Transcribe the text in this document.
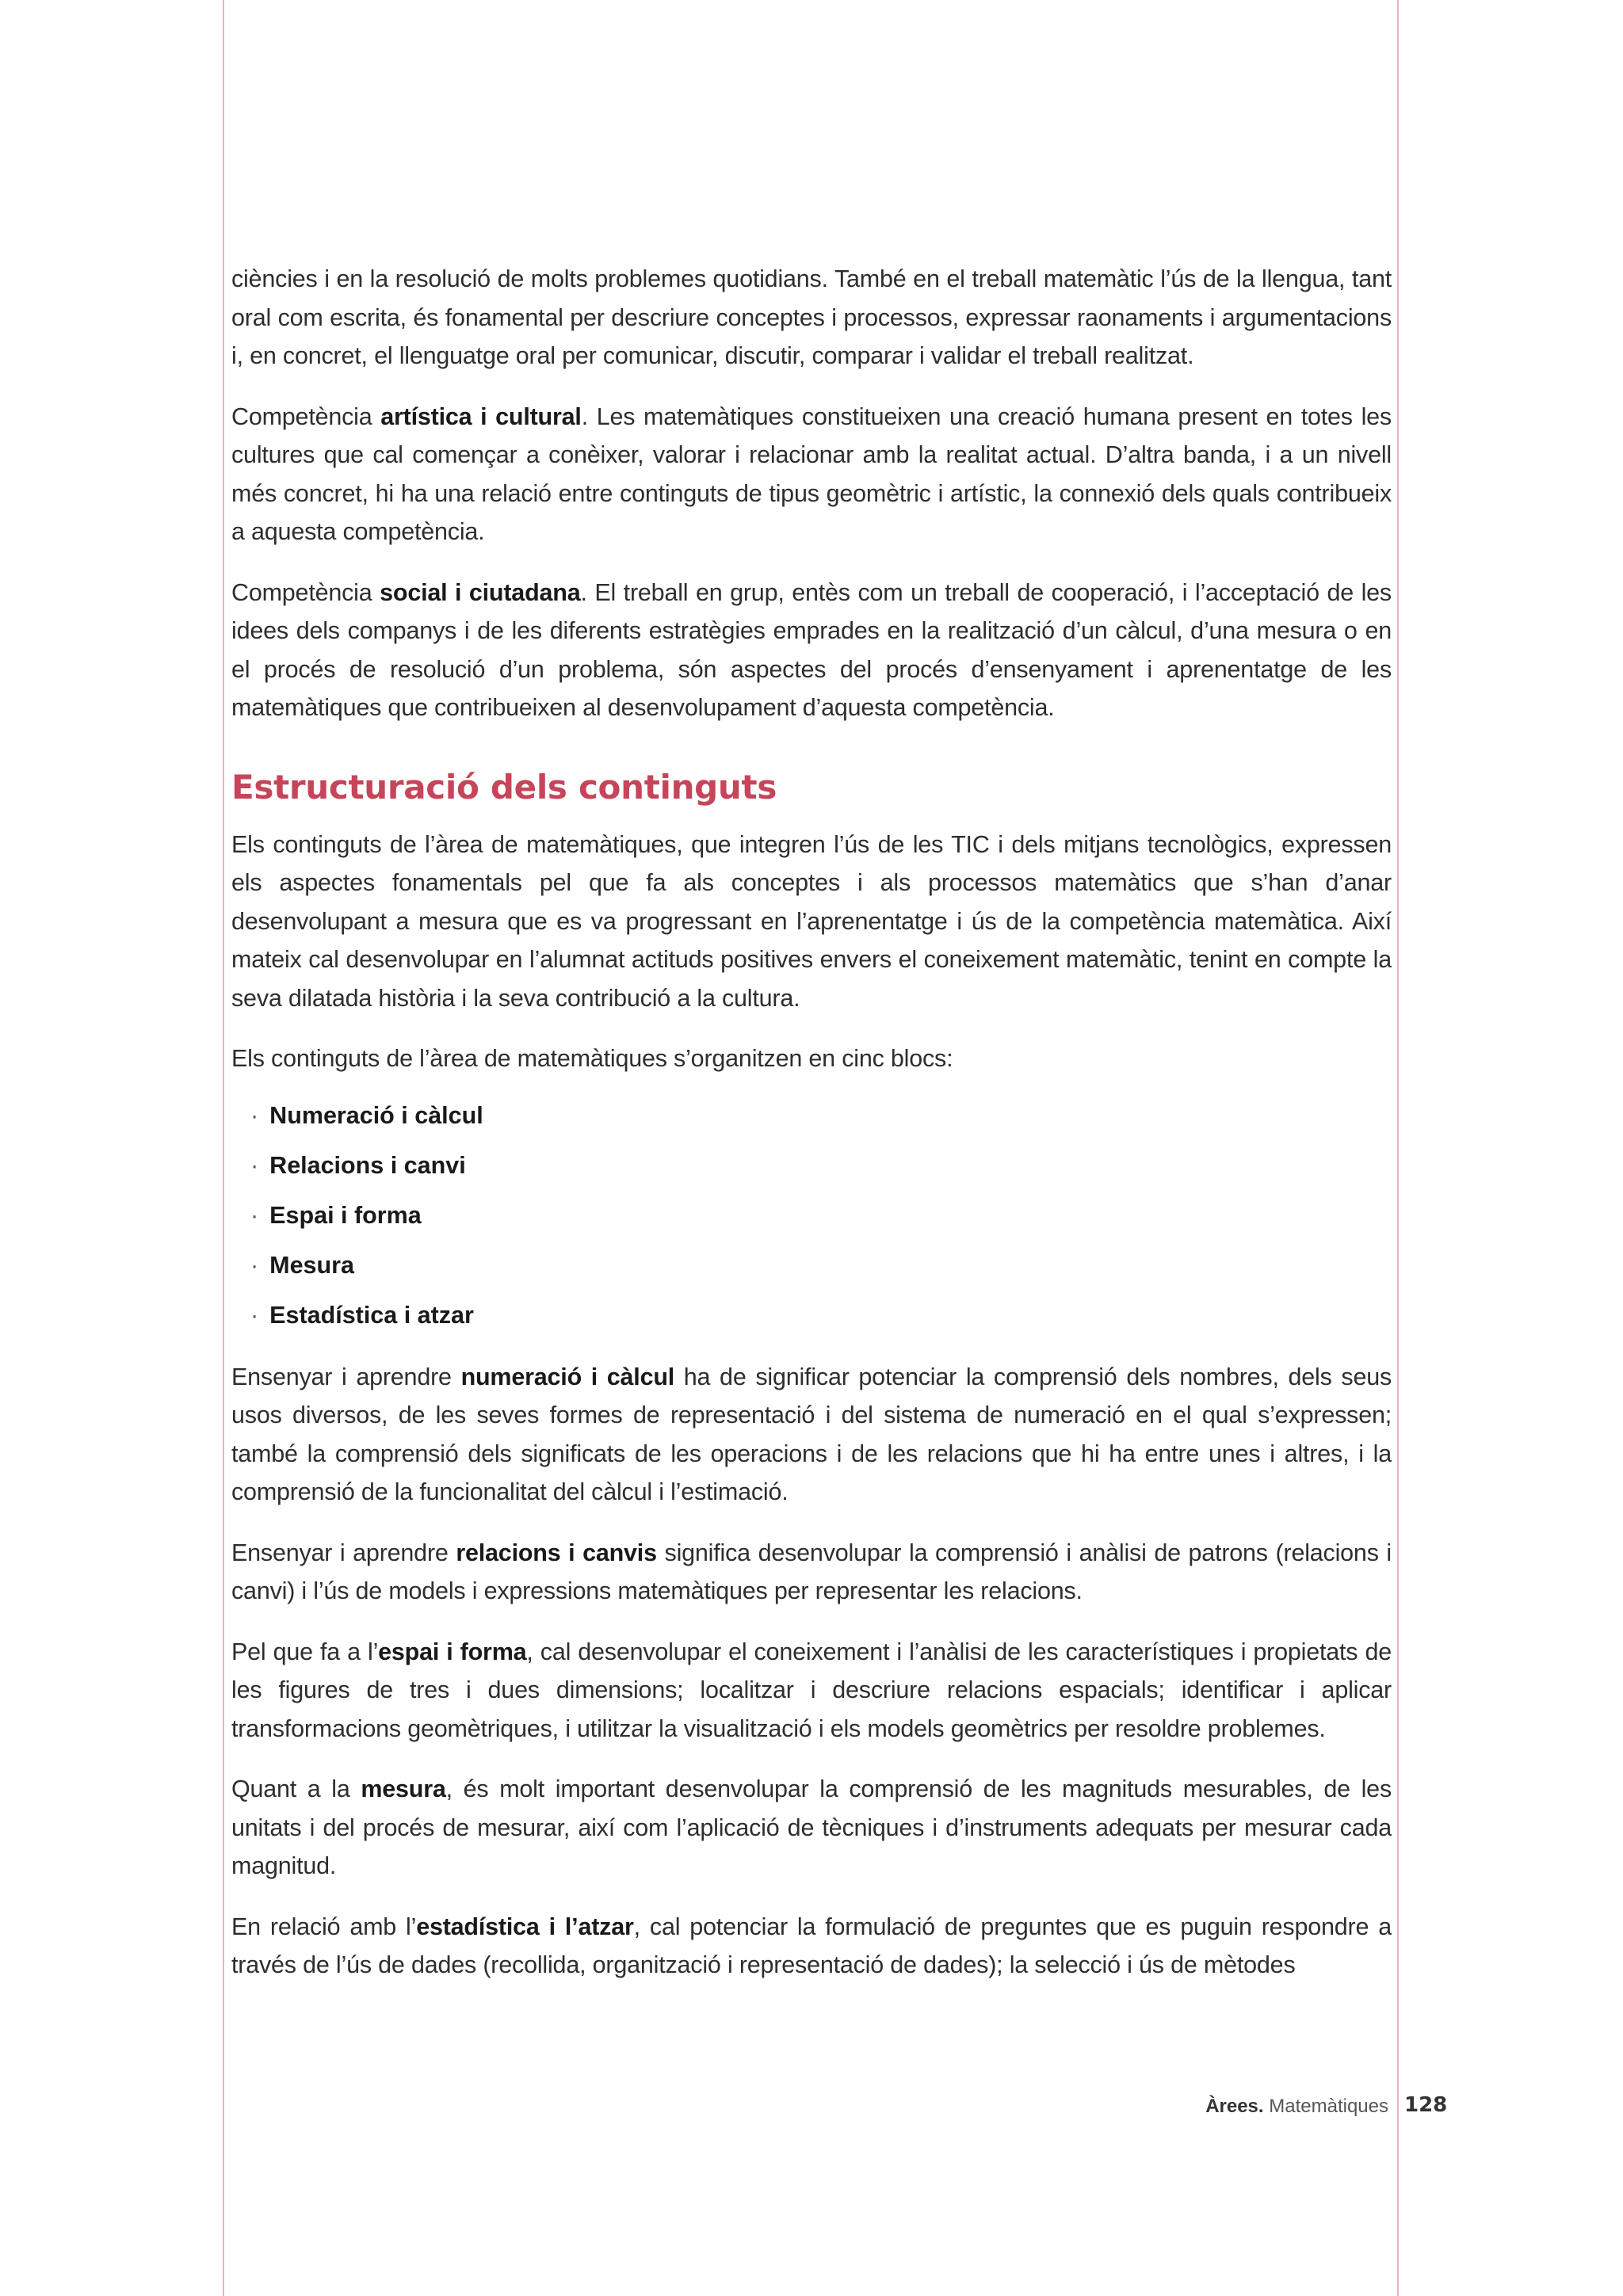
ciències i en la resolució de molts problemes quotidians. També en el treball matemàtic l’ús de la llengua, tant oral com escrita, és fonamental per descriure conceptes i processos, expressar raonaments i argumentacions i, en concret, el llenguatge oral per comunicar, discutir, comparar i validar el treball realitzat.

Competència artística i cultural. Les matemàtiques constitueixen una creació humana present en totes les cultures que cal començar a conèixer, valorar i relacionar amb la realitat actual. D’altra banda, i a un nivell més concret, hi ha una relació entre continguts de tipus geomètric i artístic, la connexió dels quals contribueix a aquesta competència.

Competència social i ciutadana. El treball en grup, entès com un treball de cooperació, i l’acceptació de les idees dels companys i de les diferents estratègies emprades en la realització d’un càlcul, d’una mesura o en el procés de resolució d’un problema, són aspectes del procés d’ensenyament i aprenentatge de les matemàtiques que contribueixen al desenvolupament d’aquesta competència.

Estructuració dels continguts

Els continguts de l’àrea de matemàtiques, que integren l’ús de les TIC i dels mitjans tecnològics, expressen els aspectes fonamentals pel que fa als conceptes i als processos matemàtics que s’han d’anar desenvolupant a mesura que es va progressant en l’aprenentatge i ús de la competència matemàtica. Així mateix cal desenvolupar en l’alumnat actituds positives envers el coneixement matemàtic, tenint en compte la seva dilatada història i la seva contribució a la cultura.

Els continguts de l’àrea de matemàtiques s’organitzen en cinc blocs:

· Numeració i càlcul
· Relacions i canvi
· Espai i forma
· Mesura
· Estadística i atzar

Ensenyar i aprendre numeració i càlcul ha de significar potenciar la comprensió dels nombres, dels seus usos diversos, de les seves formes de representació i del sistema de numeració en el qual s’expressen; també la comprensió dels significats de les operacions i de les relacions que hi ha entre unes i altres, i la comprensió de la funcionalitat del càlcul i l’estimació.

Ensenyar i aprendre relacions i canvis significa desenvolupar la comprensió i anàlisi de patrons (relacions i canvi) i l’ús de models i expressions matemàtiques per representar les relacions.

Pel que fa a l’espai i forma, cal desenvolupar el coneixement i l’anàlisi de les característiques i propietats de les figures de tres i dues dimensions; localitzar i descriure relacions espacials; identificar i aplicar transformacions geomètriques, i utilitzar la visualització i els models geomètrics per resoldre problemes.

Quant a la mesura, és molt important desenvolupar la comprensió de les magnituds mesurables, de les unitats i del procés de mesurar, així com l’aplicació de tècniques i d’instruments adequats per mesurar cada magnitud.

En relació amb l’estadística i l’atzar, cal potenciar la formulació de preguntes que es puguin respondre a través de l’ús de dades (recollida, organització i representació de dades); la selecció i ús de mètodes

Àrees. Matemàtiques 128
